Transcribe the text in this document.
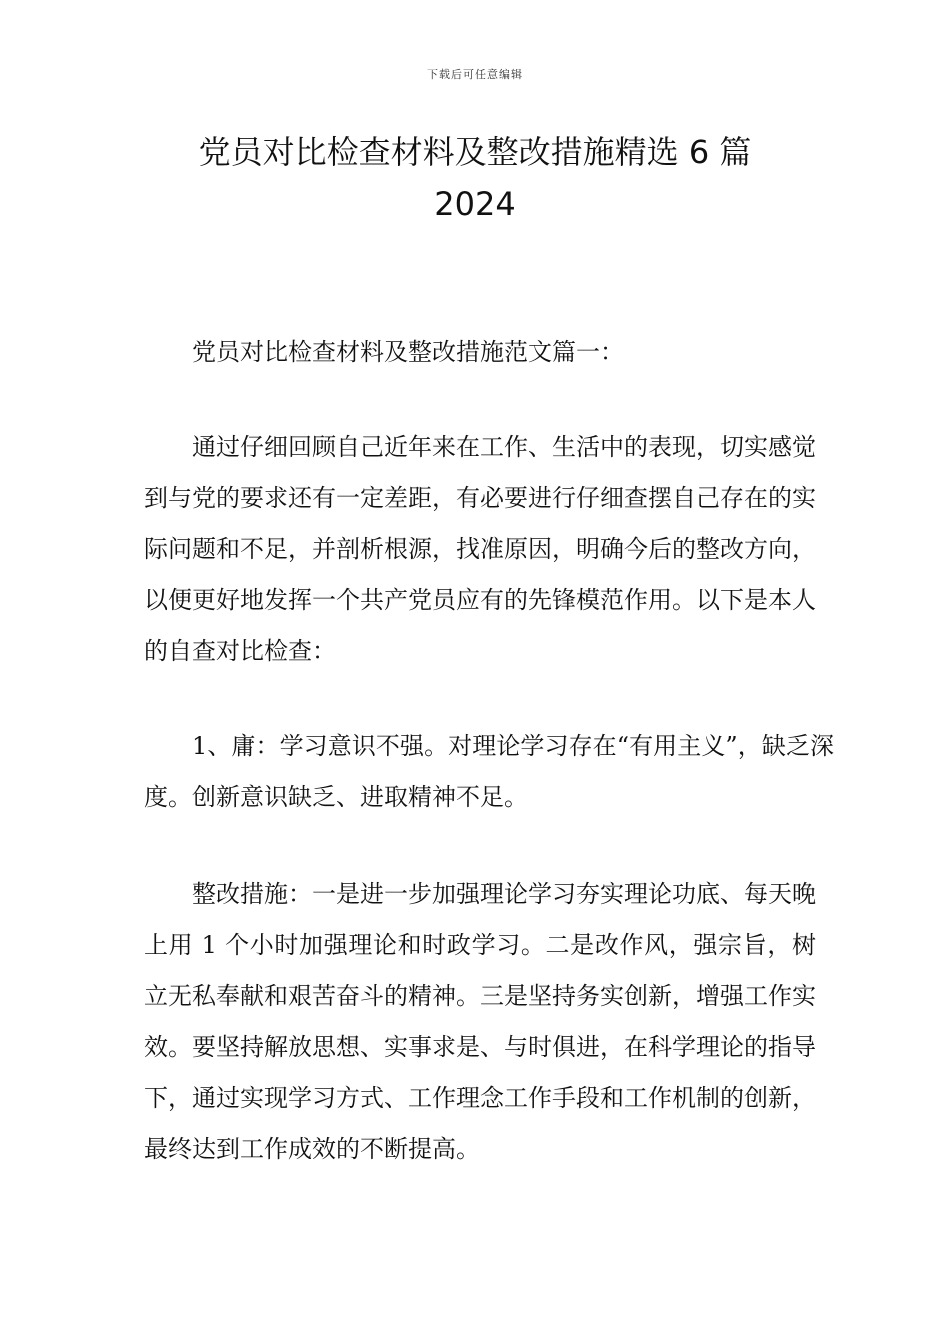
下载后可任意编辑
党员对比检查材料及整改措施精选 6 篇
2024

党员对比检查材料及整改措施范文篇一：

通过仔细回顾自己近年来在工作、生活中的表现，切实感觉到与党的要求还有一定差距，有必要进行仔细查摆自己存在的实际问题和不足，并剖析根源，找准原因，明确今后的整改方向，以便更好地发挥一个共产党员应有的先锋模范作用。以下是本人的自查对比检查：

1、庸：学习意识不强。对理论学习存在“有用主义”，缺乏深度。创新意识缺乏、进取精神不足。

整改措施：一是进一步加强理论学习夯实理论功底、每天晚上用 1 个小时加强理论和时政学习。二是改作风，强宗旨，树立无私奉献和艰苦奋斗的精神。三是坚持务实创新，增强工作实效。要坚持解放思想、实事求是、与时俱进，在科学理论的指导下，通过实现学习方式、工作理念工作手段和工作机制的创新，最终达到工作成效的不断提高。
